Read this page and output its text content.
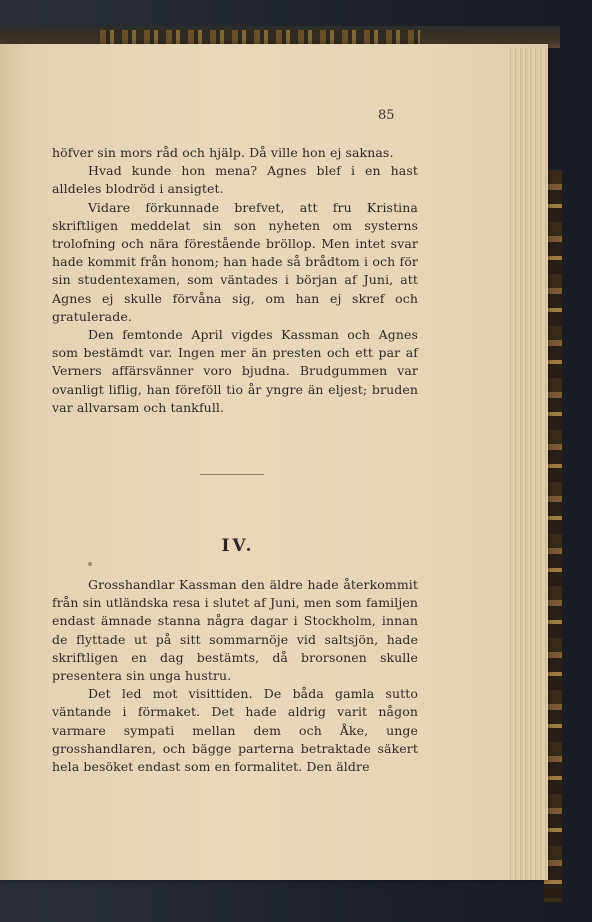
85

höfver sin mors råd och hjälp. Då ville hon ej saknas.

Hvad kunde hon mena? Agnes blef i en hast alldeles blodröd i ansigtet.

Vidare förkunnade brefvet, att fru Kristina skriftligen meddelat sin son nyheten om systerns trolofning och nära förestående bröllop. Men intet svar hade kommit från honom; han hade så brådtom i och för sin studentexamen, som väntades i början af Juni, att Agnes ej skulle förvåna sig, om han ej skref och gratulerade.

Den femtonde April vigdes Kassman och Agnes som bestämdt var. Ingen mer än presten och ett par af Verners affärsvänner voro bjudna. Brudgummen var ovanligt liflig, han föreföll tio år yngre än eljest; bruden var allvarsam och tankfull.

IV.

Grosshandlar Kassman den äldre hade återkommit från sin utländska resa i slutet af Juni, men som familjen endast ämnade stanna några dagar i Stockholm, innan de flyttade ut på sitt sommarnöje vid saltsjön, hade skriftligen en dag bestämts, då brorsonen skulle presentera sin unga hustru.

Det led mot visittiden. De båda gamla sutto väntande i förmaket. Det hade aldrig varit någon varmare sympati mellan dem och Åke, unge grosshandlaren, och bägge parterna betraktade säkert hela besöket endast som en formalitet. Den äldre
